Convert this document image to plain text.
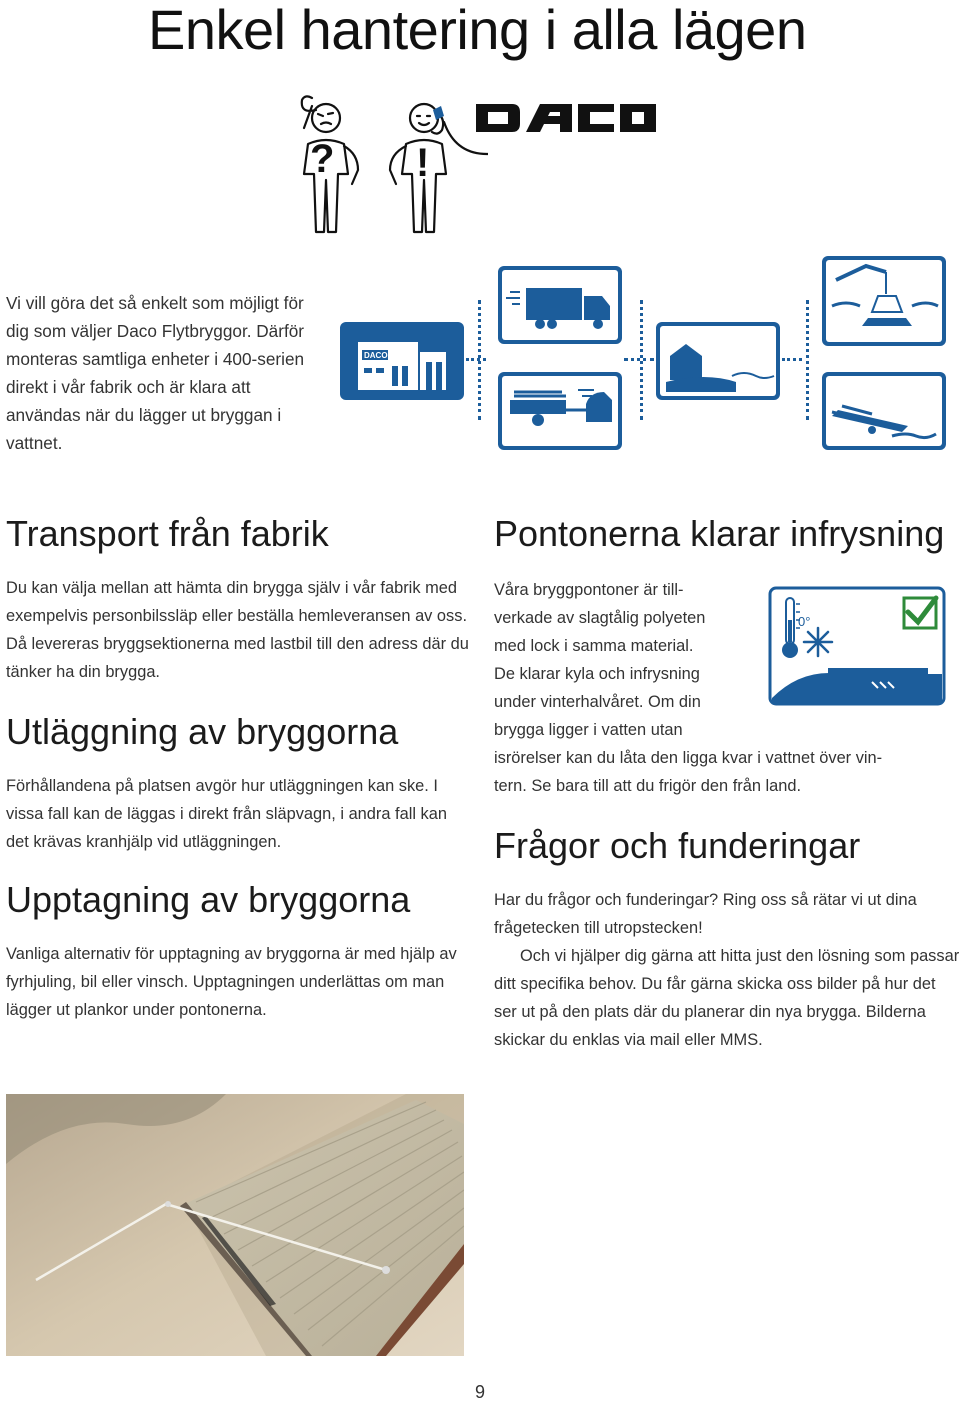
Enkel hantering i alla lägen
? !
Vi vill göra det så enkelt som möjligt för dig som väljer Daco Flytbryggor. Därför monteras samtliga enheter i 400-serien direkt i vår fabrik och är klara att användas när du lägger ut bryggan i vattnet.
DACO
Transport från fabrik
Du kan välja mellan att hämta din brygga själv i vår fabrik med exempelvis personbilssläp eller beställa hemleveransen av oss. Då levereras bryggsektionerna med lastbil till den adress där du tänker ha din brygga.
Utläggning av bryggorna
Förhållandena på platsen avgör hur utläggningen kan ske. I vissa fall kan de läggas i direkt från släpvagn, i andra fall kan det krävas kranhjälp vid utläggningen.
Upptagning av bryggorna
Vanliga alternativ för upptagning av bryggorna är med hjälp av fyrhjuling, bil eller vinsch. Upptagningen underlättas om man lägger ut plankor under pontonerna.
Pontonerna klarar infrysning
Våra bryggpontoner är till-
verkade av slagtålig polyeten
med lock i samma material.
De klarar kyla och infrysning
under vinterhalvåret. Om din
brygga ligger i vatten utan
isrörelser kan du låta den ligga kvar i vattnet över vin-
tern. Se bara till att du frigör den från land.
0°
Frågor och funderingar
Har du frågor och funderingar? Ring oss så rätar vi ut dina frågetecken till utropstecken!
Och vi hjälper dig gärna att hitta just den lösning som passar ditt specifika behov. Du får gärna skicka oss bilder på hur det ser ut på den plats där du planerar din nya brygga. Bilderna skickar du enklas via mail eller MMS.
9
